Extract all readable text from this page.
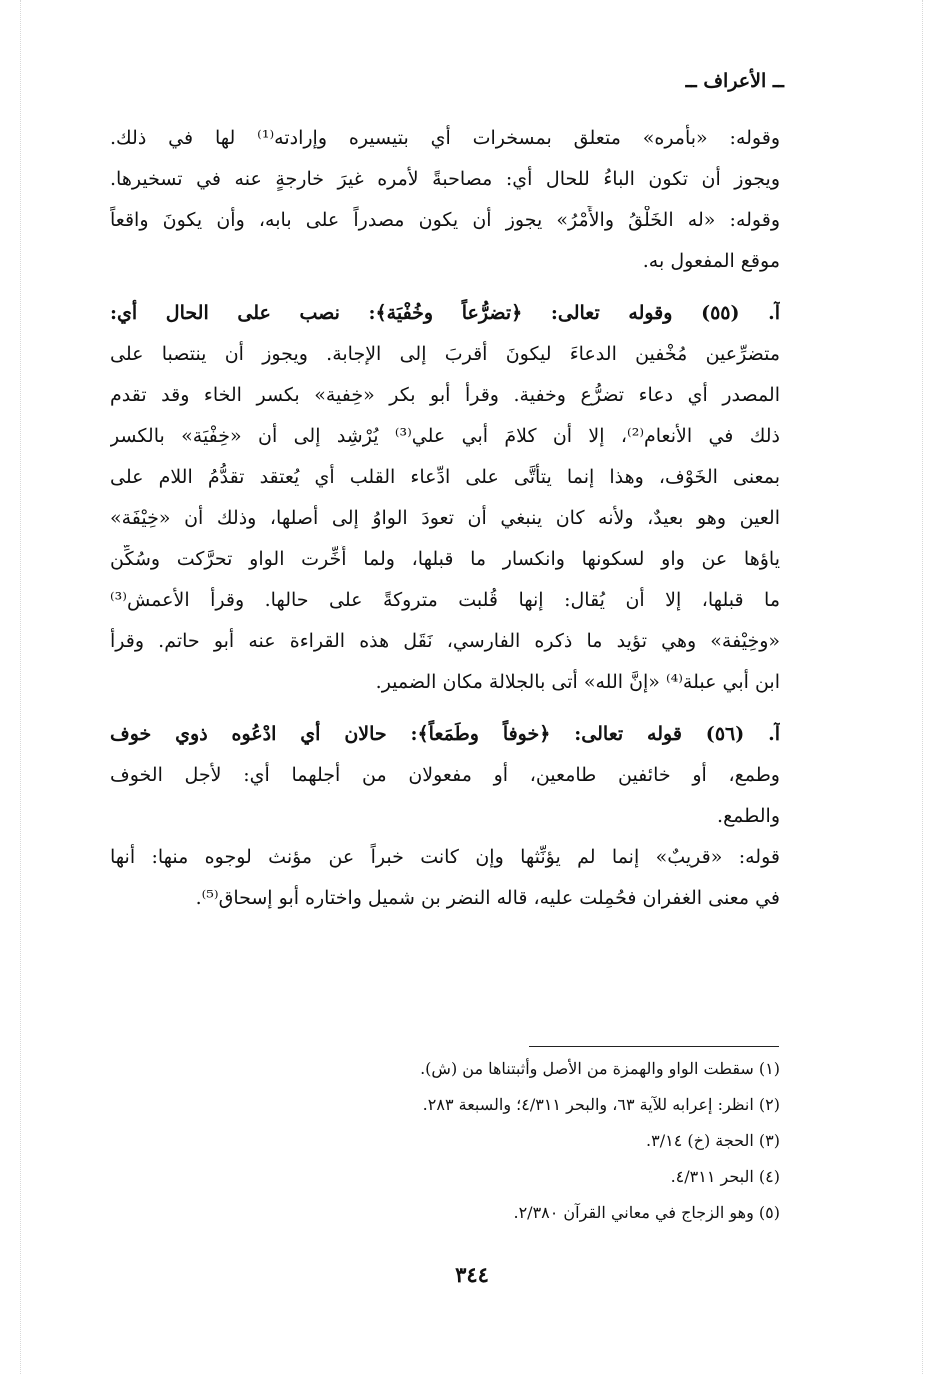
ــ الأعراف ــ
وقوله: «بأمره» متعلق بمسخرات أي بتيسيره وإرادته⁽¹⁾ لها في ذلك.
ويجوز أن تكون الباءُ للحال أي: مصاحبةً لأمره غيرَ خارجةٍ عنه في تسخيرها.
وقوله: «له الخَلْقُ والأَمْرُ» يجوز أن يكون مصدراً على بابه، وأن يكونَ واقعاً
موقع المفعول به.
آ. (٥٥) وقوله تعالى: ﴿تضرُّعاً وخُفْيَة﴾: نصب على الحال أي:
متضرِّعين مُخْفين الدعاءَ ليكونَ أقربَ إلى الإجابة. ويجوز أن ينتصبا على
المصدر أي دعاء تضرُّع وخفية. وقرأ أبو بكر «خِفية» بكسر الخاء وقد تقدم
ذلك في الأنعام⁽²⁾، إلا أن كلامَ أبي علي⁽³⁾ يُرْشِد إلى أن «خِفْيَة» بالكسر
بمعنى الخَوْف، وهذا إنما يتأتَّى على ادِّعاء القلب أي يُعتقد تقدُّمُ اللام على
العين وهو بعيدٌ، ولأنه كان ينبغي أن تعودَ الواوُ إلى أصلها، وذلك أن «خِيْفَة»
ياؤها عن واو لسكونها وانكسار ما قبلها، ولما أُخِّرت الواو تحرَّكت وسُكِّن
ما قبلها، إلا أن يُقال: إنها قُلبت متروكةً على حالها. وقرأ الأعمش⁽³⁾
«وخِيْفة» وهي تؤيد ما ذكره الفارسي، نَقَل هذه القراءة عنه أبو حاتم. وقرأ
ابن أبي عبلة⁽⁴⁾ «إنَّ الله» أتى بالجلالة مكان الضمير.
آ. (٥٦) قوله تعالى: ﴿خوفاً وطَمَعاً﴾: حالان أي ادْعُوه ذوي خوف
وطمع، أو خائفين طامعين، أو مفعولان من أجلهما أي: لأجل الخوف
والطمع.
قوله: «قريبٌ» إنما لم يؤنِّثها وإن كانت خبراً عن مؤنث لوجوه منها: أنها
في معنى الغفران فحُمِلت عليه، قاله النضر بن شميل واختاره أبو إسحاق⁽⁵⁾.
(١) سقطت الواو والهمزة من الأصل وأثبتناها من (ش).
(٢) انظر: إعرابه للآية ٦٣، والبحر ٤/٣١١؛ والسبعة ٢٨٣.
(٣) الحجة (خ) ٣/١٤.
(٤) البحر ٤/٣١١.
(٥) وهو الزجاج في معاني القرآن ٢/٣٨٠.
٣٤٤
